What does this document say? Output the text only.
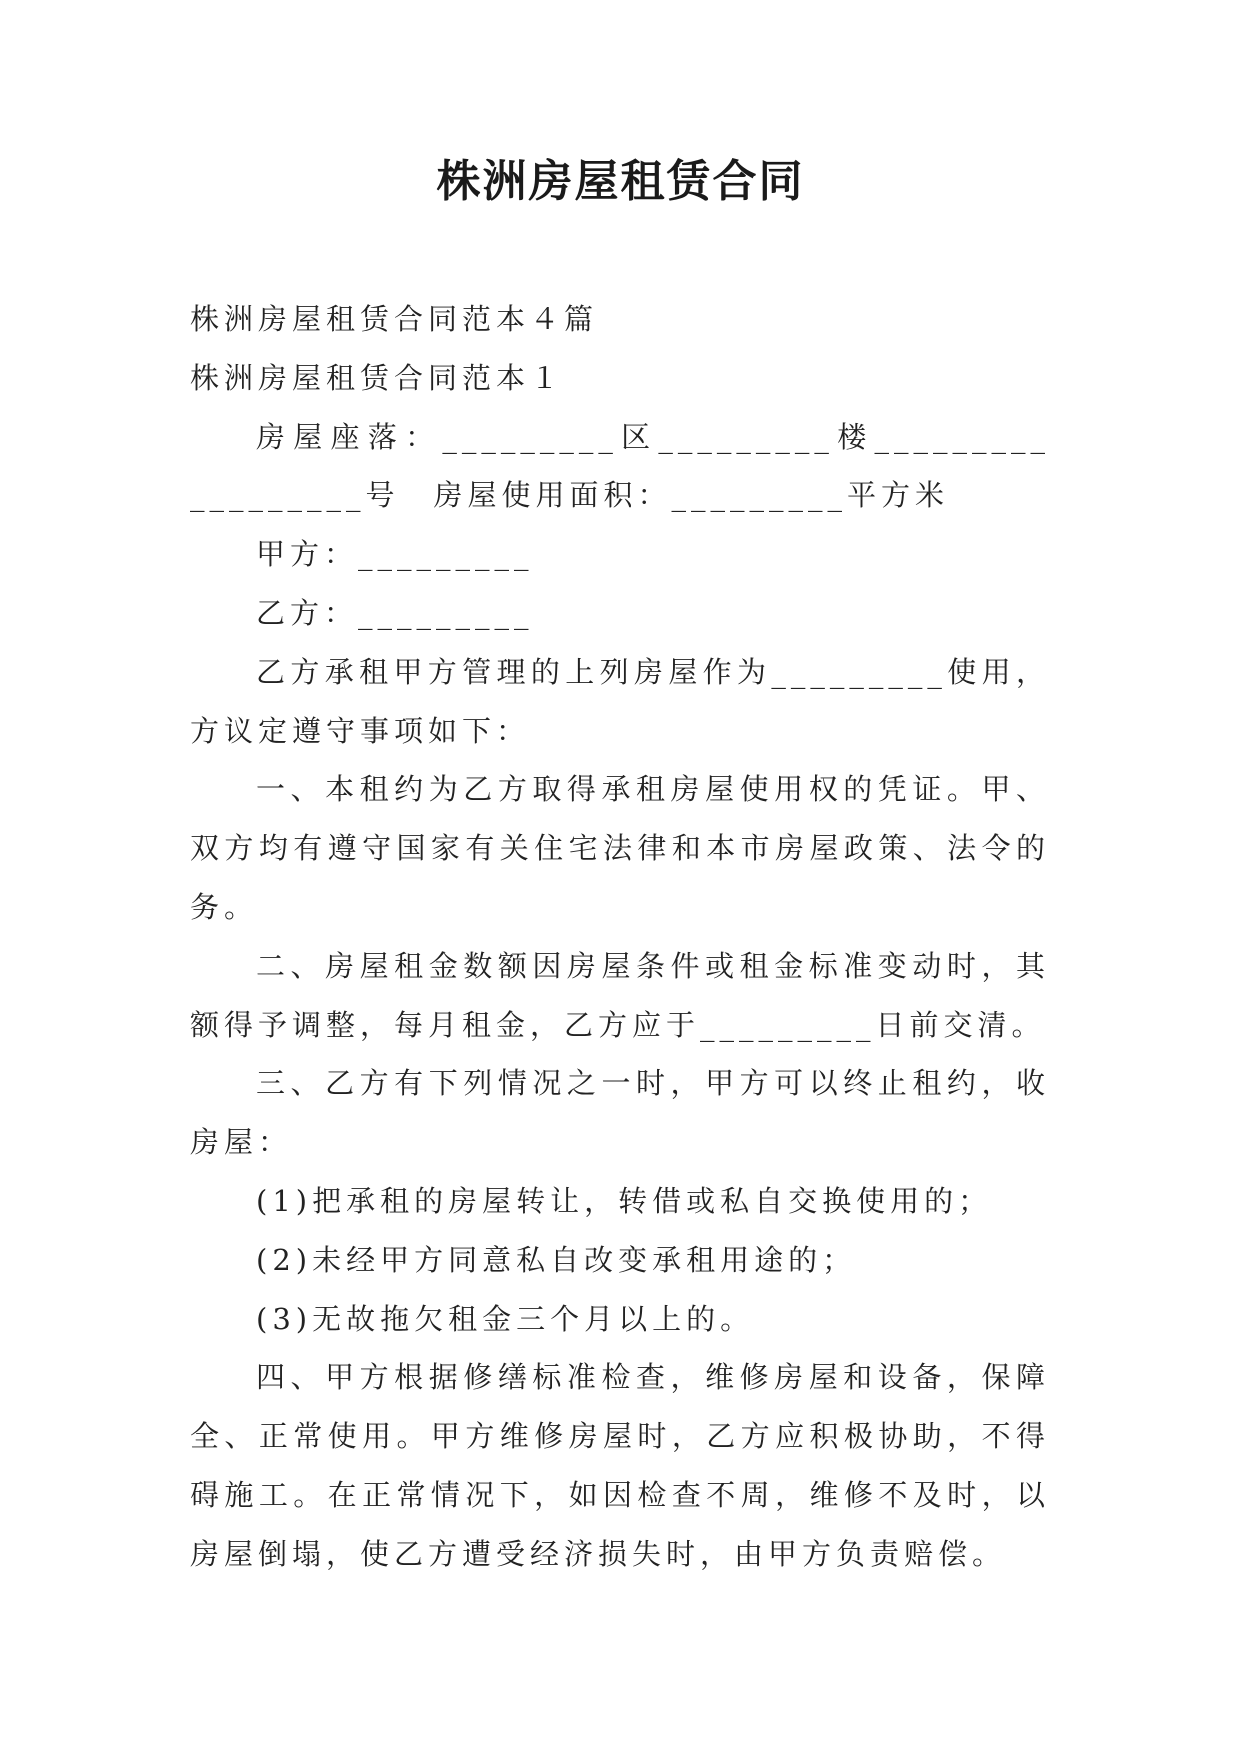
株洲房屋租赁合同
株洲房屋租赁合同范本４篇
株洲房屋租赁合同范本１
房屋座落：_________区_________楼_________
_________号　房屋使用面积：_________平方米
甲方：_________
乙方：_________
乙方承租甲方管理的上列房屋作为_________使用，
方议定遵守事项如下：
一、本租约为乙方取得承租房屋使用权的凭证。甲、
双方均有遵守国家有关住宅法律和本市房屋政策、法令的
务。
二、房屋租金数额因房屋条件或租金标准变动时，其
额得予调整，每月租金，乙方应于_________日前交清。
三、乙方有下列情况之一时，甲方可以终止租约，收
房屋：
(1)把承租的房屋转让，转借或私自交换使用的；
(2)未经甲方同意私自改变承租用途的；
(3)无故拖欠租金三个月以上的。
四、甲方根据修缮标准检查，维修房屋和设备，保障
全、正常使用。甲方维修房屋时，乙方应积极协助，不得
碍施工。在正常情况下，如因检查不周，维修不及时，以
房屋倒塌，使乙方遭受经济损失时，由甲方负责赔偿。
